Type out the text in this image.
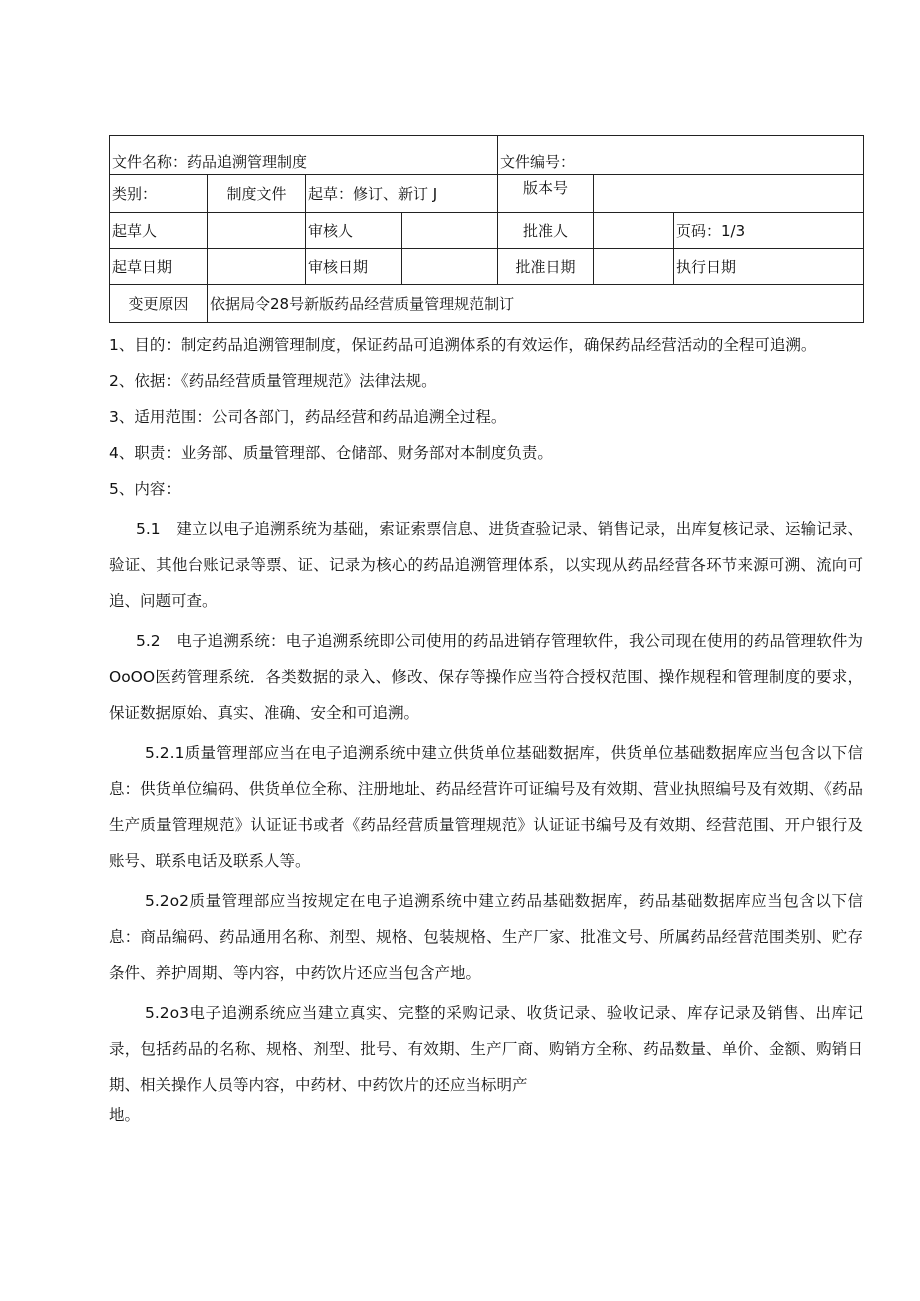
文件名称：药品追溯管理制度				文件编号：		
类别：	制度文件	起草：修订、新订 J		版本号		
起草人		审核人		批准人		页码：1/3
起草日期		审核日期		批准日期		执行日期
变更原因	依据局令28号新版药品经营质量管理规范制订					

1、目的：制定药品追溯管理制度，保证药品可追溯体系的有效运作，确保药品经营活动的全程可追溯。

2、依据：《药品经营质量管理规范》法律法规。

3、适用范围：公司各部门，药品经营和药品追溯全过程。

4、职责：业务部、质量管理部、仓储部、财务部对本制度负责。

5、内容：

5.1　建立以电子追溯系统为基础，索证索票信息、进货查验记录、销售记录，出库复核记录、运输记录、验证、其他台账记录等票、证、记录为核心的药品追溯管理体系，以实现从药品经营各环节来源可溯、流向可追、问题可查。

5.2　电子追溯系统：电子追溯系统即公司使用的药品进销存管理软件，我公司现在使用的药品管理软件为OoOO医药管理系统．各类数据的录入、修改、保存等操作应当符合授权范围、操作规程和管理制度的要求，保证数据原始、真实、准确、安全和可追溯。

5.2.1质量管理部应当在电子追溯系统中建立供货单位基础数据库，供货单位基础数据库应当包含以下信息：供货单位编码、供货单位全称、注册地址、药品经营许可证编号及有效期、营业执照编号及有效期、《药品生产质量管理规范》认证证书或者《药品经营质量管理规范》认证证书编号及有效期、经营范围、开户银行及账号、联系电话及联系人等。

5.2o2质量管理部应当按规定在电子追溯系统中建立药品基础数据库，药品基础数据库应当包含以下信息：商品编码、药品通用名称、剂型、规格、包装规格、生产厂家、批准文号、所属药品经营范围类别、贮存条件、养护周期、等内容，中药饮片还应当包含产地。

5.2o3电子追溯系统应当建立真实、完整的采购记录、收货记录、验收记录、库存记录及销售、出库记录，包括药品的名称、规格、剂型、批号、有效期、生产厂商、购销方全称、药品数量、单价、金额、购销日期、相关操作人员等内容，中药材、中药饮片的还应当标明产

地。
